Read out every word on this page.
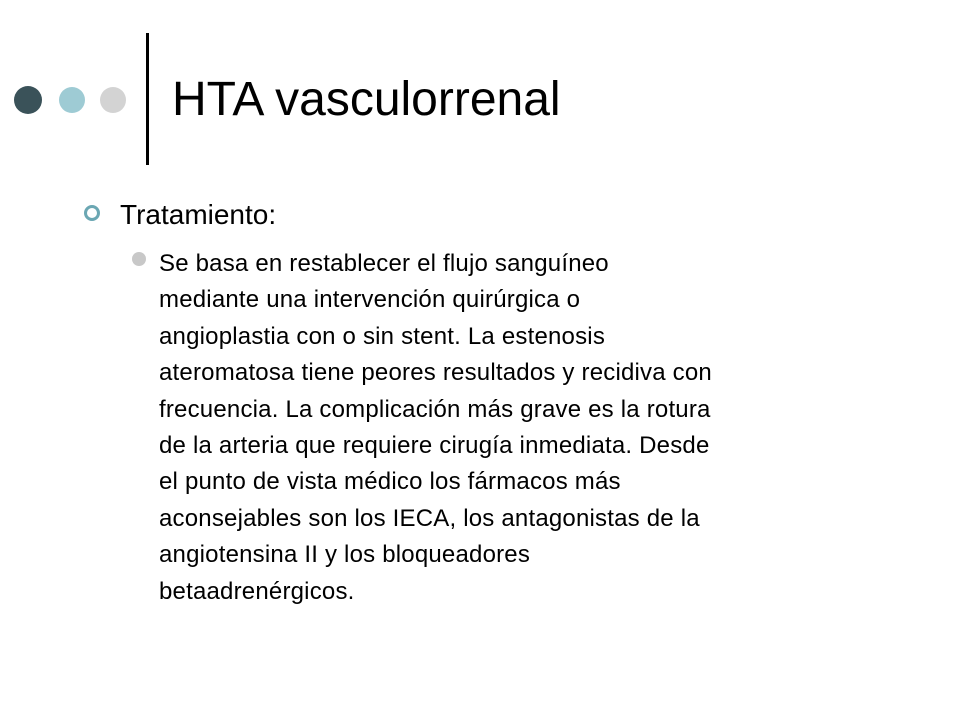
HTA vasculorrenal
Tratamiento:

Se basa en restablecer el flujo sanguíneo
mediante una intervención quirúrgica o
angioplastia con o sin stent. La estenosis
ateromatosa tiene peores resultados y recidiva con
frecuencia. La complicación más grave es la rotura
de la arteria que requiere cirugía inmediata. Desde
el punto de vista médico los fármacos más
aconsejables son los IECA, los antagonistas de la
angiotensina II y los bloqueadores
betaadrenérgicos.
